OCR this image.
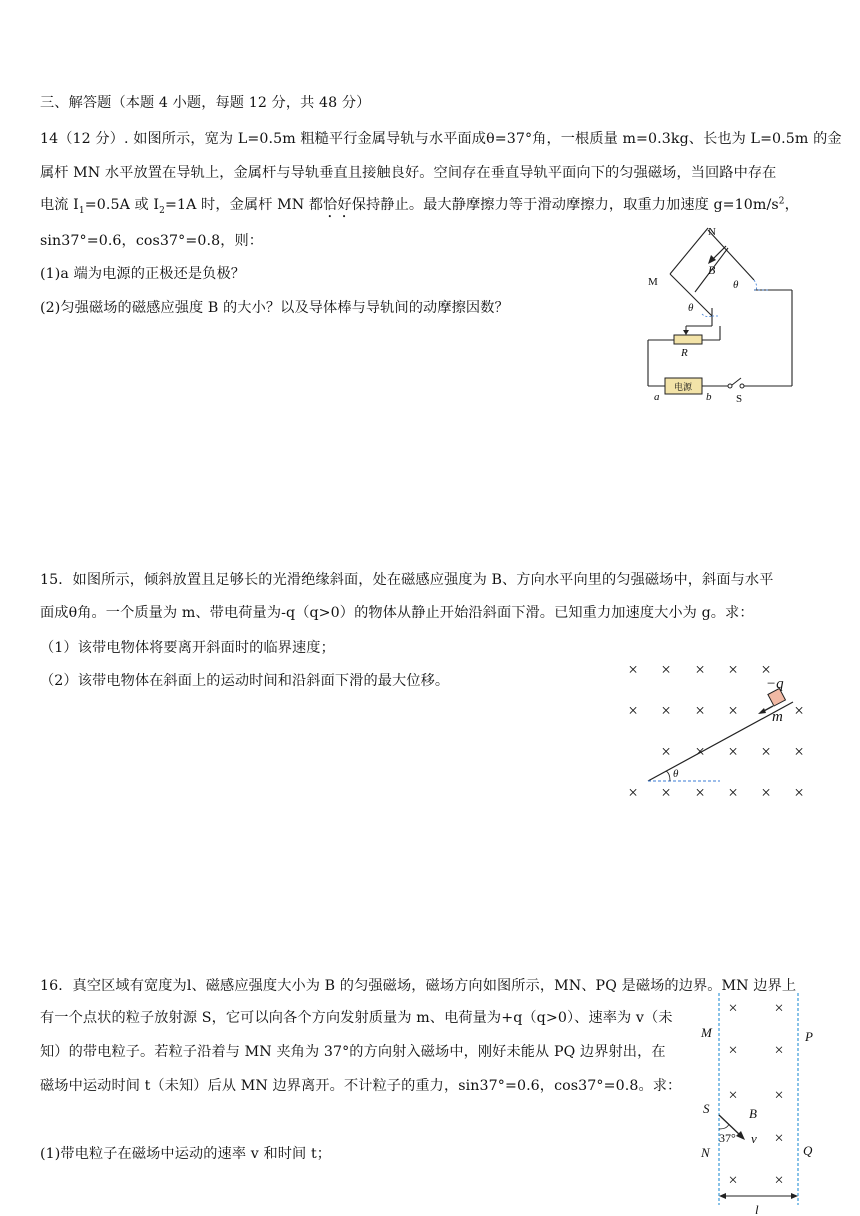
三、解答题（本题 4 小题，每题 12 分，共 48 分）
14（12 分）. 如图所示，宽为 L=0.5m 粗糙平行金属导轨与水平面成θ=37°角，一根质量 m=0.3kg、长也为 L=0.5m 的金
属杆 MN 水平放置在导轨上，金属杆与导轨垂直且接触良好。空间存在垂直导轨平面向下的匀强磁场，当回路中存在
电流 $I_1=0.5A$ 或 $I_2=1A$ 时，金属杆 MN 都恰好保持静止。最大静摩擦力等于滑动摩擦力，取重力加速度 $g=10m/s^2$，
sin37°=0.6，cos37°=0.8，则：
(1)a 端为电源的正极还是负极？
(2)匀强磁场的磁感应强度 B 的大小？以及导体棒与导轨间的动摩擦因数？
N
M
B
θ
θ
R
电源
a	b S
15．如图所示，倾斜放置且足够长的光滑绝缘斜面，处在磁感应强度为 B、方向水平向里的匀强磁场中，斜面与水平
面成θ角。一个质量为 m、带电荷量为-q（q>0）的物体从静止开始沿斜面下滑。已知重力加速度大小为 g。求：
（1）该带电物体将要离开斜面时的临界速度；
（2）该带电物体在斜面上的运动时间和沿斜面下滑的最大位移。
× × × × ×
× × × ×	×
× × × × ×
× × × × × ×
θ
−q
m
16．真空区域有宽度为l、磁感应强度大小为 B 的匀强磁场，磁场方向如图所示，MN、PQ 是磁场的边界。MN 边界上
有一个点状的粒子放射源 S，它可以向各个方向发射质量为 m、电荷量为+q（q>0）、速率为 v（未
知）的带电粒子。若粒子沿着与 MN 夹角为 37°的方向射入磁场中，刚好未能从 PQ 边界射出，在
磁场中运动时间 t（未知）后从 MN 边界离开。不计粒子的重力，sin37°=0.6，cos37°=0.8。求：
(1)带电粒子在磁场中运动的速率 v 和时间 t；
× ×
× ×
× ×
×
× ×
M	P
S	B
37° v
N	Q
l
